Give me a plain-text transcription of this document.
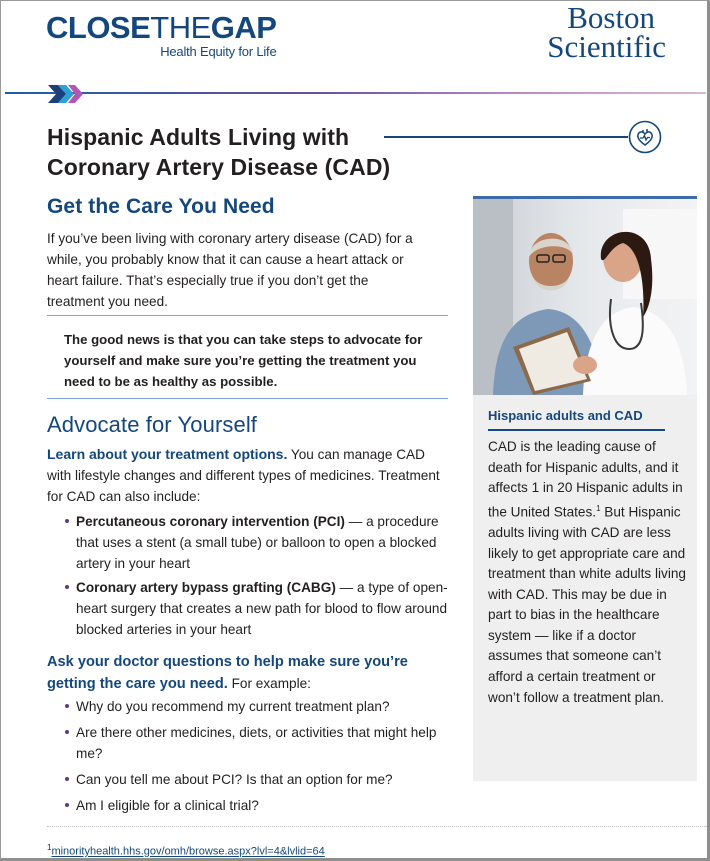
CLOSETHEGAP
Health Equity for Life
Boston
Scientific
Hispanic Adults Living with
Coronary Artery Disease (CAD)
Get the Care You Need
If you’ve been living with coronary artery disease (CAD) for a while, you probably know that it can cause a heart attack or heart failure. That’s especially true if you don’t get the treatment you need.
The good news is that you can take steps to advocate for yourself and make sure you’re getting the treatment you need to be as healthy as possible.
Advocate for Yourself
Learn about your treatment options. You can manage CAD with lifestyle changes and different types of medicines. Treatment for CAD can also include:
Percutaneous coronary intervention (PCI) — a procedure that uses a stent (a small tube) or balloon to open a blocked artery in your heart
Coronary artery bypass grafting (CABG) — a type of open-heart surgery that creates a new path for blood to flow around blocked arteries in your heart
Ask your doctor questions to help make sure you’re getting the care you need. For example:
Why do you recommend my current treatment plan?
Are there other medicines, diets, or activities that might help me?
Can you tell me about PCI? Is that an option for me?
Am I eligible for a clinical trial?
$^1$minorityhealth.hhs.gov/omh/browse.aspx?lvl=4&lvlid=64
Hispanic adults and CAD
CAD is the leading cause of death for Hispanic adults, and it affects 1 in 20 Hispanic adults in the United States.$^1$ But Hispanic adults living with CAD are less likely to get appropriate care and treatment than white adults living with CAD. This may be due in part to bias in the healthcare system — like if a doctor assumes that someone can’t afford a certain treatment or won’t follow a treatment plan.
